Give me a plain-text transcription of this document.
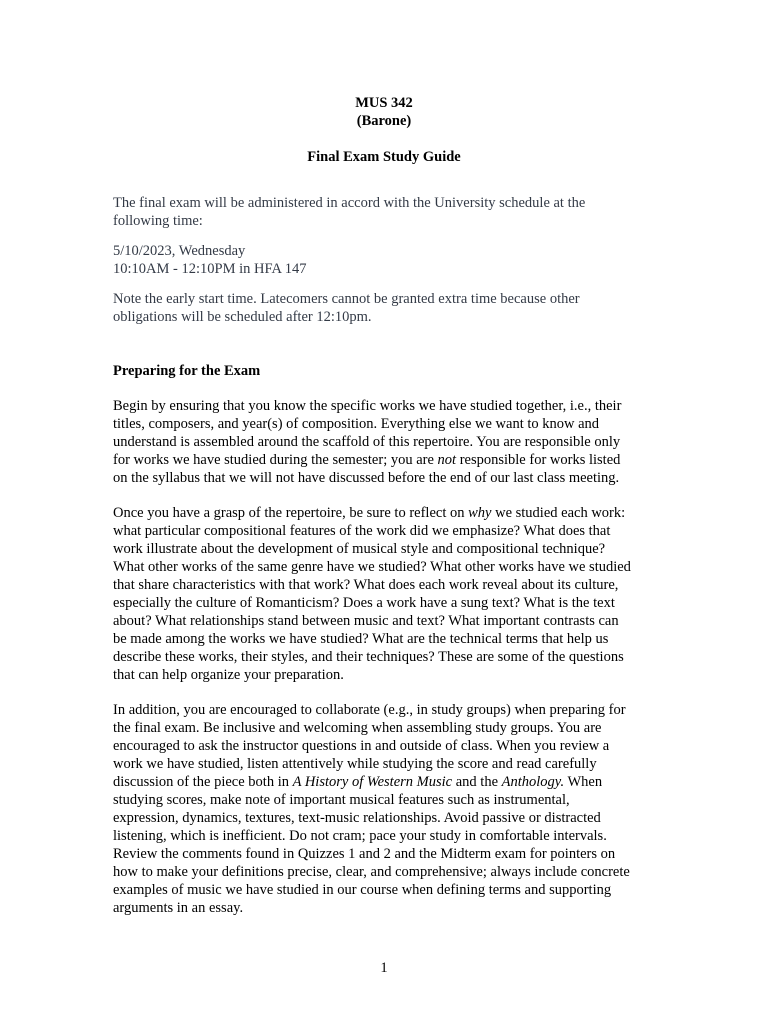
MUS 342
(Barone)
Final Exam Study Guide

The final exam will be administered in accord with the University schedule at the
following time:

5/10/2023, Wednesday
10:10AM - 12:10PM in HFA 147

Note the early start time. Latecomers cannot be granted extra time because other
obligations will be scheduled after 12:10pm.

Preparing for the Exam

Begin by ensuring that you know the specific works we have studied together, i.e., their
titles, composers, and year(s) of composition. Everything else we want to know and
understand is assembled around the scaffold of this repertoire. You are responsible only
for works we have studied during the semester; you are not responsible for works listed
on the syllabus that we will not have discussed before the end of our last class meeting.

Once you have a grasp of the repertoire, be sure to reflect on why we studied each work:
what particular compositional features of the work did we emphasize? What does that
work illustrate about the development of musical style and compositional technique?
What other works of the same genre have we studied? What other works have we studied
that share characteristics with that work? What does each work reveal about its culture,
especially the culture of Romanticism? Does a work have a sung text? What is the text
about? What relationships stand between music and text? What important contrasts can
be made among the works we have studied? What are the technical terms that help us
describe these works, their styles, and their techniques? These are some of the questions
that can help organize your preparation.

In addition, you are encouraged to collaborate (e.g., in study groups) when preparing for
the final exam. Be inclusive and welcoming when assembling study groups. You are
encouraged to ask the instructor questions in and outside of class. When you review a
work we have studied, listen attentively while studying the score and read carefully
discussion of the piece both in A History of Western Music and the Anthology. When
studying scores, make note of important musical features such as instrumental,
expression, dynamics, textures, text-music relationships. Avoid passive or distracted
listening, which is inefficient. Do not cram; pace your study in comfortable intervals.
Review the comments found in Quizzes 1 and 2 and the Midterm exam for pointers on
how to make your definitions precise, clear, and comprehensive; always include concrete
examples of music we have studied in our course when defining terms and supporting
arguments in an essay.

1
